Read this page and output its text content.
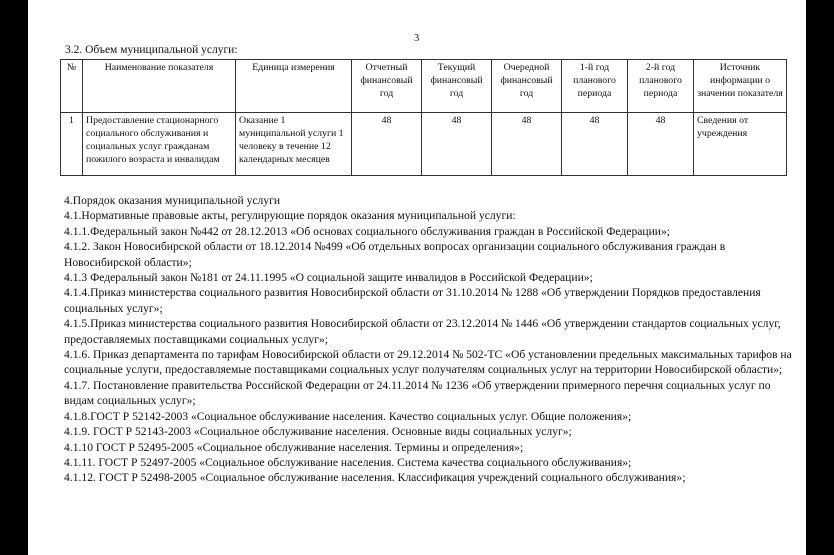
3
3.2. Объем муниципальной услуги:
№	Наименование показателя	Единица измерения	Отчетный финансовый год	Текущий финансовый год	Очередной финансовый год	1-й год планового периода	2-й год планового периода	Источник информации о значении показателя
1	Предоставление стационарного социального обслуживания и социальных услуг гражданам пожилого возраста и инвалидам	Оказание 1 муниципальной услуги 1 человеку в течение 12 календарных месяцев	48	48	48	48	48	Сведения от учреждения

4.Порядок оказания муниципальной услуги

4.1.Нормативные правовые акты, регулирующие порядок оказания муниципальной услуги:

4.1.1.Федеральный закон №442 от 28.12.2013 «Об основах социального обслуживания граждан в Российской Федерации»;

4.1.2. Закон Новосибирской области от 18.12.2014 №499 «Об отдельных вопросах организации социального обслуживания граждан в Новосибирской области»;

4.1.3 Федеральный закон №181 от 24.11.1995 «О социальной защите инвалидов в Российской Федерации»;

4.1.4.Приказ министерства социального развития Новосибирской области от 31.10.2014 № 1288 «Об утверждении Порядков предоставления социальных услуг»;

4.1.5.Приказ министерства социального развития Новосибирской области от 23.12.2014 № 1446 «Об утверждении стандартов социальных услуг, предоставляемых поставщиками социальных услуг»;

4.1.6. Приказ департамента по тарифам Новосибирской области от 29.12.2014 № 502-ТС «Об установлении предельных максимальных тарифов на социальные услуги, предоставляемые поставщиками социальных услуг получателям социальных услуг на территории Новосибирской области»;

4.1.7. Постановление правительства Российской Федерации от 24.11.2014 № 1236 «Об утверждении примерного перечня социальных услуг по видам социальных услуг»;

4.1.8.ГОСТ Р 52142-2003 «Социальное обслуживание населения. Качество социальных услуг. Общие положения»;

4.1.9. ГОСТ Р 52143-2003 «Социальное обслуживание населения. Основные виды социальных услуг»;

4.1.10 ГОСТ Р 52495-2005 «Социальное обслуживание населения. Термины и определения»;

4.1.11. ГОСТ Р 52497-2005 «Социальное обслуживание населения. Система качества социального обслуживания»;

4.1.12. ГОСТ Р 52498-2005 «Социальное обслуживание населения. Классификация учреждений социального обслуживания»;
